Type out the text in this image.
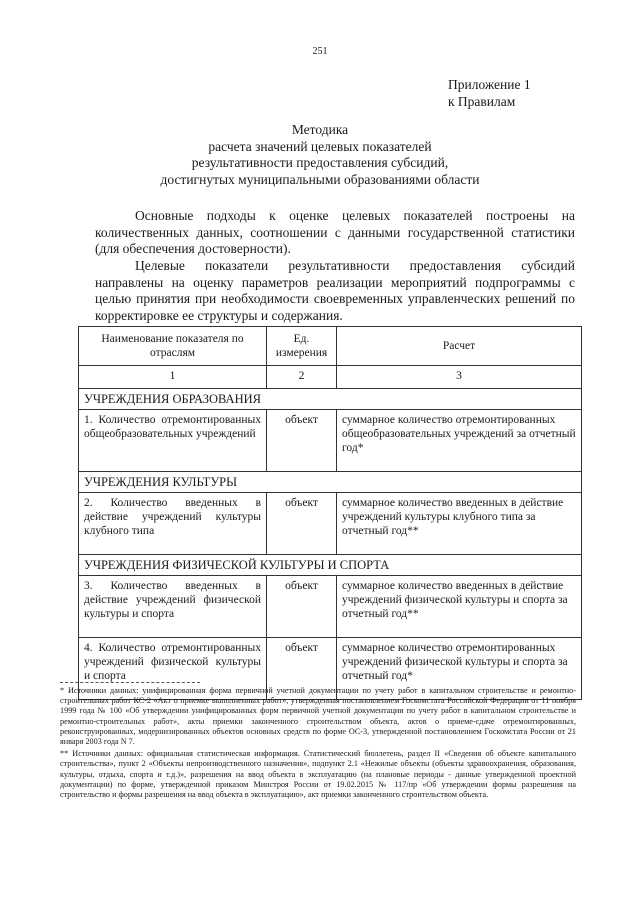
251
Приложение 1
к Правилам
Методика
расчета значений целевых показателей
результативности предоставления субсидий,
достигнутых муниципальными образованиями области

Основные подходы к оценке целевых показателей построены на количественных данных, соотношении с данными государственной статистики (для обеспечения достоверности).

Целевые показатели результативности предоставления субсидий направлены на оценку параметров реализации мероприятий подпрограммы с целью принятия при необходимости своевременных управленческих решений по корректировке ее структуры и содержания.

Наименование показателя по отраслям	Ед. измерения	Расчет
1	2	3
УЧРЕЖДЕНИЯ ОБРАЗОВАНИЯ		
1. Количество отремонтированных общеобразовательных учреждений	объект	суммарное количество отремонтированных общеобразовательных учреждений за отчетный год*
УЧРЕЖДЕНИЯ КУЛЬТУРЫ		
2. Количество введенных в действие учреждений культуры клубного типа	объект	суммарное количество введенных в действие учреждений культуры клубного типа за отчетный год**
УЧРЕЖДЕНИЯ ФИЗИЧЕСКОЙ КУЛЬТУРЫ И СПОРТА		
3. Количество введенных в действие учреждений физической культуры и спорта	объект	суммарное количество введенных в действие учреждений физической культуры и спорта за отчетный год**
4. Количество отремонтированных учреждений физической культуры и спорта	объект	суммарное количество отремонтированных учреждений физической культуры и спорта за отчетный год*

* Источники данных: унифицированная форма первичной учетной документации по учету работ в капитальном строительстве и ремонтно-строительных работ КС-2 «Акт о приемке выполненных работ», утвержденная постановлением Госкомстата Российской Федерации от 11 ноября 1999 года № 100 «Об утверждении унифицированных форм первичной учетной документации по учету работ в капитальном строительстве и ремонтно-строительных работ», акты приемки законченного строительством объекта, актов о приеме-сдаче отремонтированных, реконструированных, модернизированных объектов основных средств по форме ОС-3, утвержденной постановлением Госкомстата России от 21 января 2003 года N 7.

** Источники данных: официальная статистическая информация. Статистический бюллетень, раздел II «Сведения об объекте капитального строительства», пункт 2 «Объекты непроизводственного назначения», подпункт 2.1 «Нежилые объекты (объекты здравоохранения, образования, культуры, отдыха, спорта и т.д.)», разрешения на ввод объекта в эксплуатацию (на плановые периоды - данные утвержденной проектной документации) по форме, утвержденной приказом Минстроя России от 19.02.2015 № 117/пр «Об утверждении формы разрешения на строительство и формы разрешения на ввод объекта в эксплуатацию», акт приемки законченного строительством объекта.
